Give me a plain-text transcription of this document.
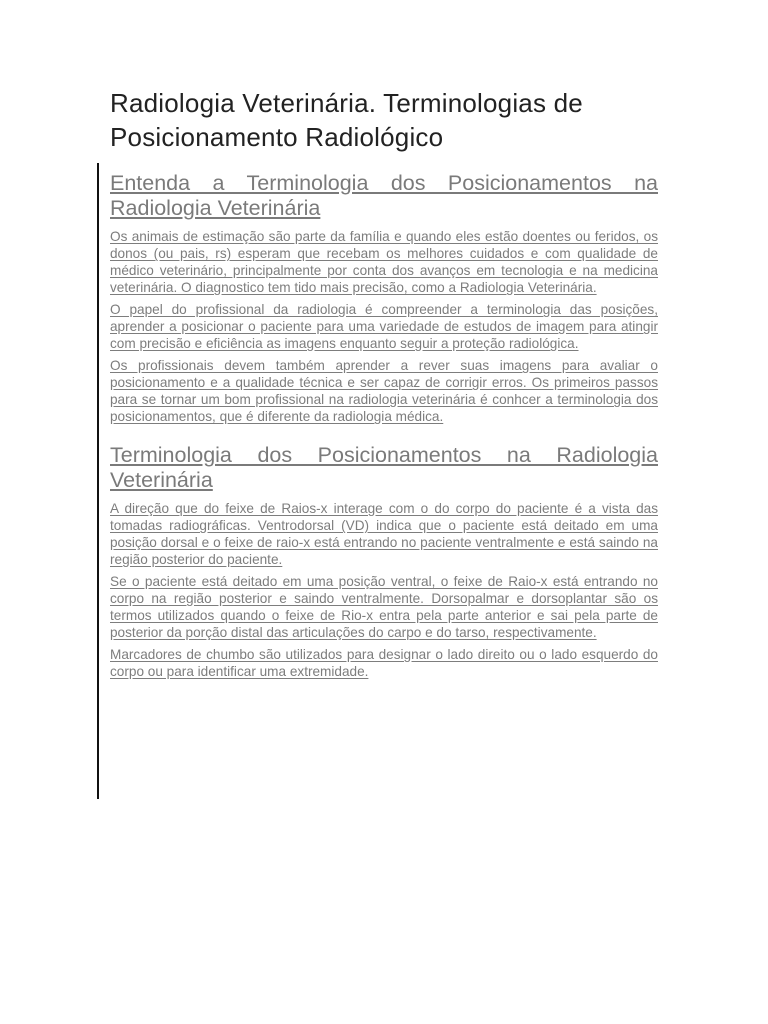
Radiologia Veterinária. Terminologias de Posicionamento Radiológico
Entenda a Terminologia dos Posicionamentos na Radiologia Veterinária

Os animais de estimação são parte da família e quando eles estão doentes ou feridos, os donos (ou pais, rs) esperam que recebam os melhores cuidados e com qualidade de médico veterinário, principalmente por conta dos avanços em tecnologia e na medicina veterinária. O diagnostico tem tido mais precisão, como a Radiologia Veterinária.

O papel do profissional da radiologia é compreender a terminologia das posições, aprender a posicionar o paciente para uma variedade de estudos de imagem para atingir com precisão e eficiência as imagens enquanto seguir a proteção radiológica.

Os profissionais devem também aprender a rever suas imagens para avaliar o posicionamento e a qualidade técnica e ser capaz de corrigir erros. Os primeiros passos para se tornar um bom profissional na radiologia veterinária é conhcer a terminologia dos posicionamentos, que é diferente da radiologia médica.

Terminologia dos Posicionamentos na Radiologia Veterinária

A direção que do feixe de Raios-x interage com o do corpo do paciente é a vista das tomadas radiográficas. Ventrodorsal (VD) indica que o paciente está deitado em uma posição dorsal e o feixe de raio-x está entrando no paciente ventralmente e está saindo na região posterior do paciente.

Se o paciente está deitado em uma posição ventral, o feixe de Raio-x está entrando no corpo na região posterior e saindo ventralmente. Dorsopalmar e dorsoplantar são os termos utilizados quando o feixe de Rio-x entra pela parte anterior e sai pela parte de posterior da porção distal das articulações do carpo e do tarso, respectivamente.

Marcadores de chumbo são utilizados para designar o lado direito ou o lado esquerdo do corpo ou para identificar uma extremidade.
